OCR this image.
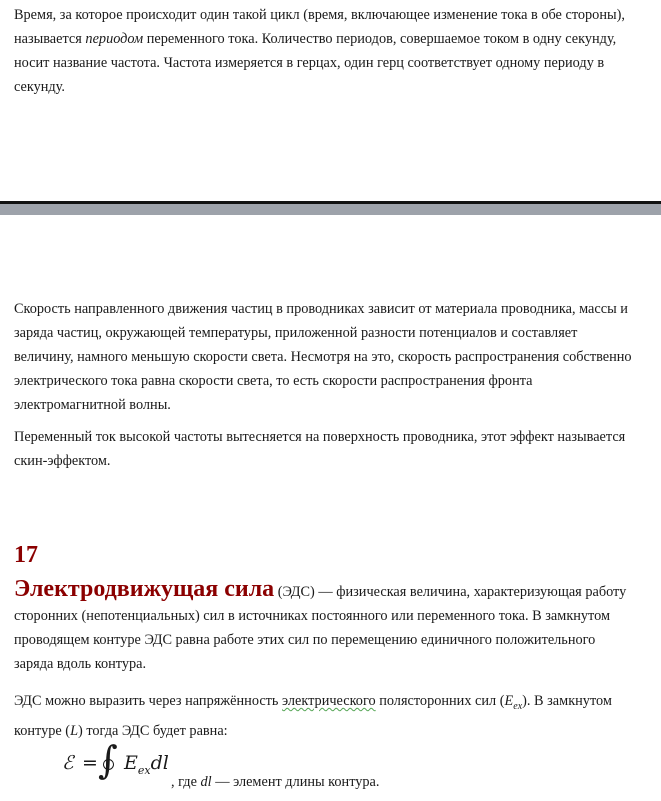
Время, за которое происходит один такой цикл (время, включающее изменение тока в обе стороны), называется периодом переменного тока. Количество периодов, совершаемое током в одну секунду, носит название частота. Частота измеряется в герцах, один герц соответствует одному периоду в секунду.

Скорость направленного движения частиц в проводниках зависит от материала проводника, массы и заряда частиц, окружающей температуры, приложенной разности потенциалов и составляет величину, намного меньшую скорости света. Несмотря на это, скорость распространения собственно электрического тока равна скорости света, то есть скорости распространения фронта электромагнитной волны.

Переменный ток высокой частоты вытесняется на поверхность проводника, этот эффект называется скин-эффектом.

17

Электродвижущая сила (ЭДС) — физическая величина, характеризующая работу сторонних (непотенциальных) сил в источниках постоянного или переменного тока. В замкнутом проводящем контуре ЭДС равна работе этих сил по перемещению единичного положительного заряда вдоль контура.

ЭДС можно выразить через напряжённость электрического полясторонних сил $(E_{ex})$. В замкнутом контуре (L) тогда ЭДС будет равна:

ℰ = ∫ $E_{ex}dl$
, где dl — элемент длины контура.
